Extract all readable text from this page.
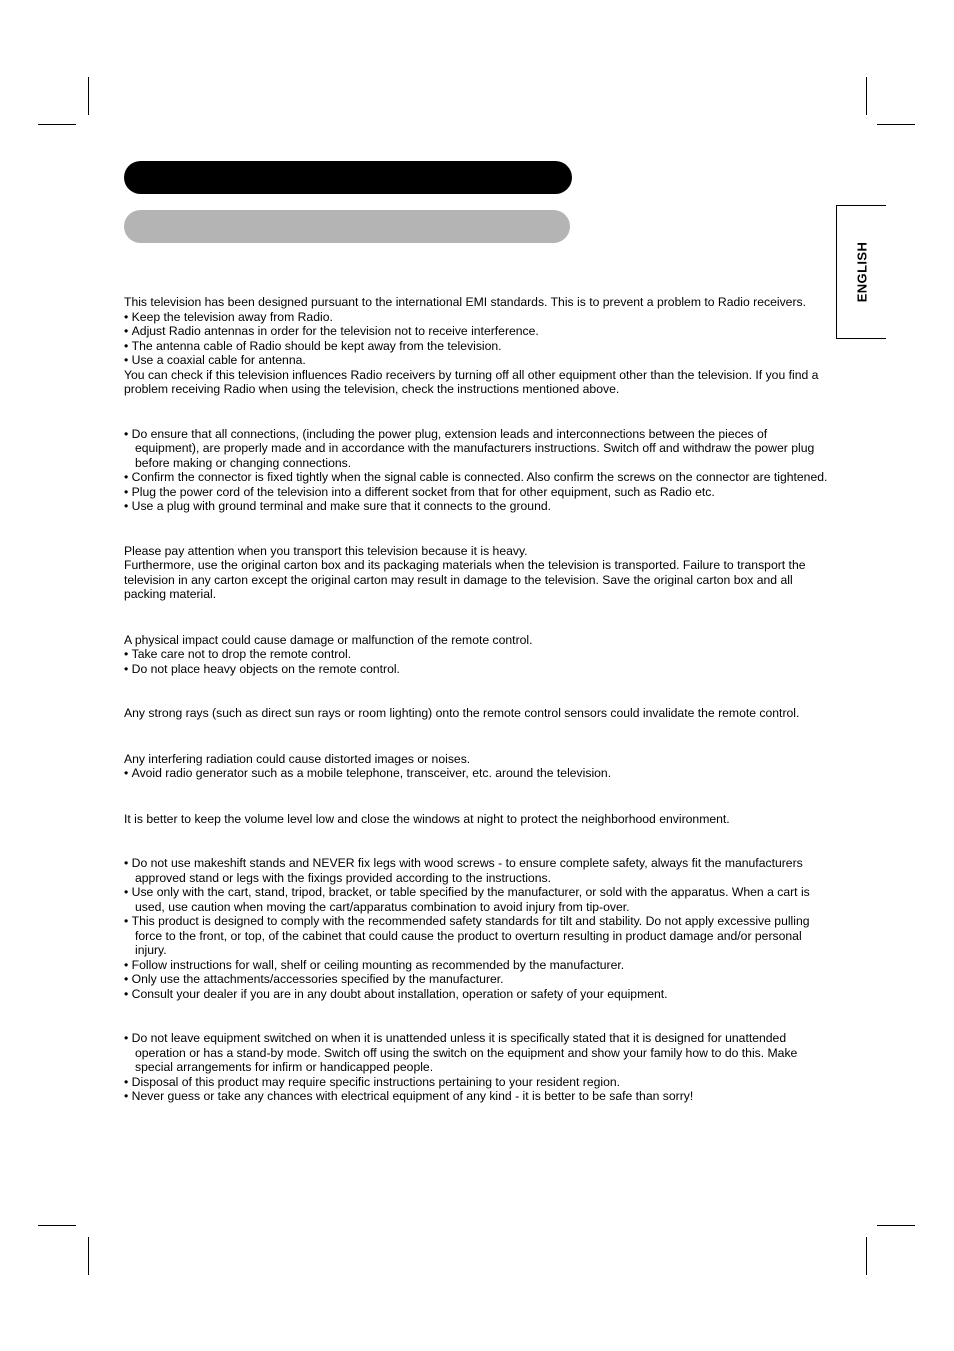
ENGLISH

This television has been designed pursuant to the international EMI standards. This is to prevent a problem to Radio receivers.

• Keep the television away from Radio.
• Adjust Radio antennas in order for the television not to receive interference.
• The antenna cable of Radio should be kept away from the television.
• Use a coaxial cable for antenna.

You can check if this television influences Radio receivers by turning off all other equipment other than the television. If you find a problem receiving Radio when using the television, check the instructions mentioned above.

• Do ensure that all connections, (including the power plug, extension leads and interconnections between the pieces of equipment), are properly made and in accordance with the manufacturers instructions. Switch off and withdraw the power plug before making or changing connections.
• Confirm the connector is fixed tightly when the signal cable is connected. Also confirm the screws on the connector are tightened.
• Plug the power cord of the television into a different socket from that for other equipment, such as Radio etc.
• Use a plug with ground terminal and make sure that it connects to the ground.

Please pay attention when you transport this television because it is heavy.

Furthermore, use the original carton box and its packaging materials when the television is transported. Failure to transport the television in any carton except the original carton may result in damage to the television. Save the original carton box and all packing material.

A physical impact could cause damage or malfunction of the remote control.

• Take care not to drop the remote control.
• Do not place heavy objects on the remote control.

Any strong rays (such as direct sun rays or room lighting) onto the remote control sensors could invalidate the remote control.

Any interfering radiation could cause distorted images or noises.

• Avoid radio generator such as a mobile telephone, transceiver, etc. around the television.

It is better to keep the volume level low and close the windows at night to protect the neighborhood environment.

• Do not use makeshift stands and NEVER fix legs with wood screws - to ensure complete safety, always fit the manufacturers approved stand or legs with the fixings provided according to the instructions.
• Use only with the cart, stand, tripod, bracket, or table specified by the manufacturer, or sold with the apparatus. When a cart is used, use caution when moving the cart/apparatus combination to avoid injury from tip-over.
• This product is designed to comply with the recommended safety standards for tilt and stability. Do not apply excessive pulling force to the front, or top, of the cabinet that could cause the product to overturn resulting in product damage and/or personal injury.
• Follow instructions for wall, shelf or ceiling mounting as recommended by the manufacturer.
• Only use the attachments/accessories specified by the manufacturer.
• Consult your dealer if you are in any doubt about installation, operation or safety of your equipment.
• Do not leave equipment switched on when it is unattended unless it is specifically stated that it is designed for unattended operation or has a stand-by mode. Switch off using the switch on the equipment and show your family how to do this. Make special arrangements for infirm or handicapped people.
• Disposal of this product may require specific instructions pertaining to your resident region.
• Never guess or take any chances with electrical equipment of any kind - it is better to be safe than sorry!
